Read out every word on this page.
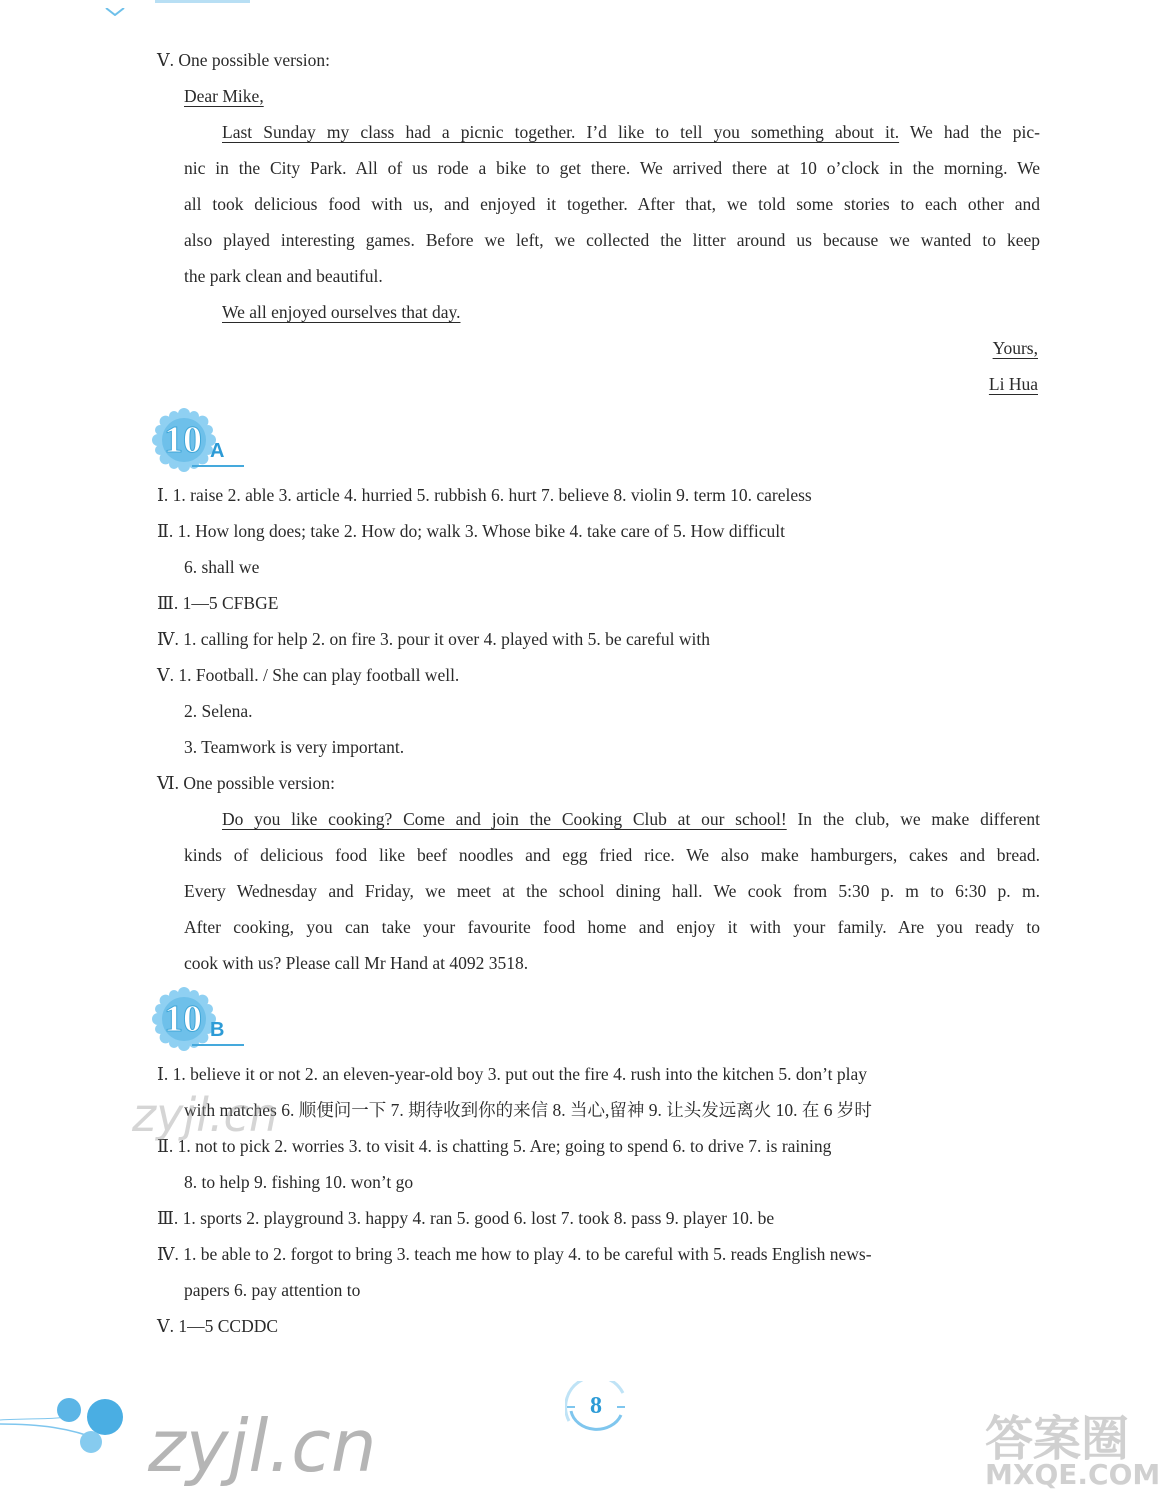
Ⅴ. One possible version:
Dear Mike,
Last Sunday my class had a picnic together. I’d like to tell you something about it. We had the pic-
nic in the City Park. All of us rode a bike to get there. We arrived there at 10 o’clock in the morning. We
all took delicious food with us, and enjoyed it together. After that, we told some stories to each other and
also played interesting games. Before we left, we collected the litter around us because we wanted to keep
the park clean and beautiful.
We all enjoyed ourselves that day.
Yours,
Li Hua
10 A
Ⅰ. 1. raise 2. able 3. article 4. hurried 5. rubbish 6. hurt 7. believe 8. violin 9. term 10. careless
Ⅱ. 1. How long does; take 2. How do; walk 3. Whose bike 4. take care of 5. How difficult
6. shall we
Ⅲ. 1—5 CFBGE
Ⅳ. 1. calling for help 2. on fire 3. pour it over 4. played with 5. be careful with
Ⅴ. 1. Football. / She can play football well.
2. Selena.
3. Teamwork is very important.
Ⅵ. One possible version:
Do you like cooking? Come and join the Cooking Club at our school! In the club, we make different
kinds of delicious food like beef noodles and egg fried rice. We also make hamburgers, cakes and bread.
Every Wednesday and Friday, we meet at the school dining hall. We cook from 5:30 p. m to 6:30 p. m.
After cooking, you can take your favourite food home and enjoy it with your family. Are you ready to
cook with us? Please call Mr Hand at 4092 3518.
10 B
Ⅰ. 1. believe it or not 2. an eleven-year-old boy 3. put out the fire 4. rush into the kitchen 5. don’t play
with matches 6. 顺便问一下 7. 期待收到你的来信 8. 当心,留神 9. 让头发远离火 10. 在 6 岁时
Ⅱ. 1. not to pick 2. worries 3. to visit 4. is chatting 5. Are; going to spend 6. to drive 7. is raining
8. to help 9. fishing 10. won’t go
Ⅲ. 1. sports 2. playground 3. happy 4. ran 5. good 6. lost 7. took 8. pass 9. player 10. be
Ⅳ. 1. be able to 2. forgot to bring 3. teach me how to play 4. to be careful with 5. reads English news-
papers 6. pay attention to
Ⅴ. 1—5 CCDDC
zyjl.cn
8
zyjl.cn	答案圈
MXQE.COM
